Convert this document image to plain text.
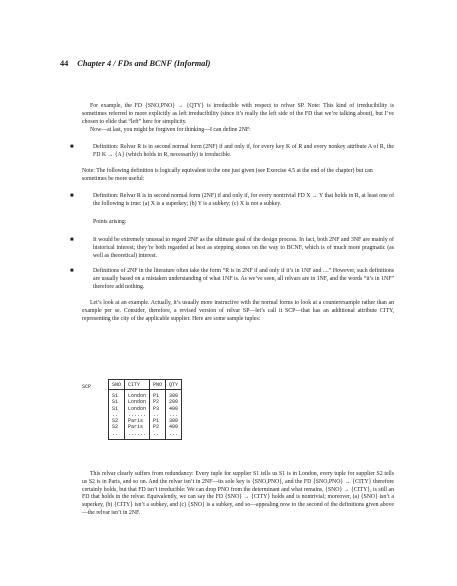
44 Chapter 4 / FDs and BCNF (Informal)
For example, the FD {SNO,PNO} → {QTY} is irreducible with respect to relvar SP. Note: This kind of irreducibility is sometimes referred to more explicitly as left irreducibility (since it’s really the left side of the FD that we’re talking about), but I’ve chosen to elide that “left” here for simplicity.
Now—at last, you might be forgiven for thinking—I can define 2NF:
■	Definition: Relvar R is in second normal form (2NF) if and only if, for every key K of R and every nonkey attribute A of R, the FD K → {A} (which holds in R, necessarily) is irreducible.
Note: The following definition is logically equivalent to the one just given (see Exercise 4.5 at the end of the chapter) but can sometimes be more useful:
■	Definition: Relvar R is in second normal form (2NF) if and only if, for every nontrivial FD X → Y that holds in R, at least one of the following is true: (a) X is a superkey; (b) Y is a subkey; (c) X is not a subkey.
Points arising:
■	It would be extremely unusual to regard 2NF as the ultimate goal of the design process. In fact, both 2NF and 3NF are mainly of historical interest; they’re both regarded at best as stepping stones on the way to BCNF, which is of much more pragmatic (as well as theoretical) interest.
■	Definitions of 2NF in the literature often take the form “R is in 2NF if and only if it’s in 1NF and ....” However, such definitions are usually based on a mistaken understanding of what 1NF is. As we’ve seen, all relvars are in 1NF, and the words “it’s in 1NF” therefore add nothing.
Let’s look at an example. Actually, it’s usually more instructive with the normal forms to look at a counterexample rather than an example per se. Consider, therefore, a revised version of relvar SP—let’s call it SCP—that has an additional attribute CITY, representing the city of the applicable supplier. Here are some sample tuples:
SCP	SNO	CITY	PNO	QTY
S1	London	P1	300
S1	London	P2	200
S1	London	P3	400
..	......	..	...
S2	Paris	P1	300
S2	Paris	P2	400
..	......	..	...
This relvar clearly suffers from redundancy: Every tuple for supplier S1 tells us S1 is in London, every tuple for supplier S2 tells us S2 is in Paris, and so on. And the relvar isn’t in 2NF—its sole key is {SNO,PNO}, and the FD {SNO,PNO} → {CITY} therefore certainly holds, but that FD isn’t irreducible: We can drop PNO from the determinant and what remains, {SNO} → {CITY}, is still an FD that holds in the relvar. Equivalently, we can say the FD {SNO} → {CITY} holds and is nontrivial; moreover, (a) {SNO} isn’t a superkey, (b) {CITY} isn’t a subkey, and (c) {SNO} is a subkey, and so—appealing now to the second of the definitions given above—the relvar isn’t in 2NF.
